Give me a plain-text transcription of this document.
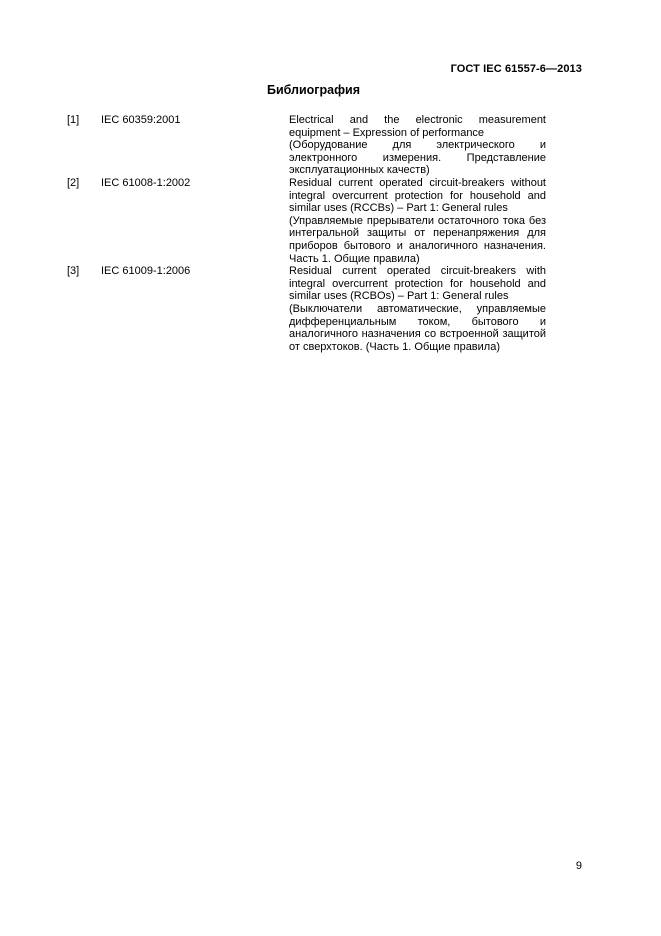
ГОСТ IEC 61557-6—2013
Библиография
[1] IEC 60359:2001	Electrical and the electronic measurement equipment – Expression of performance

(Оборудование для электрического и электронного измерения. Представление эксплуатационных качеств)

[2] IEC 61008-1:2002	Residual current operated circuit-breakers without integral overcurrent protection for household and similar uses (RCCBs) – Part 1: General rules

(Управляемые прерыватели остаточного тока без интегральной защиты от перенапряжения для приборов бытового и аналогичного назначения. Часть 1. Общие правила)

[3] IEC 61009-1:2006	Residual current operated circuit-breakers with integral overcurrent protection for household and similar uses (RCBOs) – Part 1: General rules

(Выключатели автоматические, управляемые дифференциальным током, бытового и аналогичного назначения со встроенной защитой от сверхтоков. (Часть 1. Общие правила)

9
